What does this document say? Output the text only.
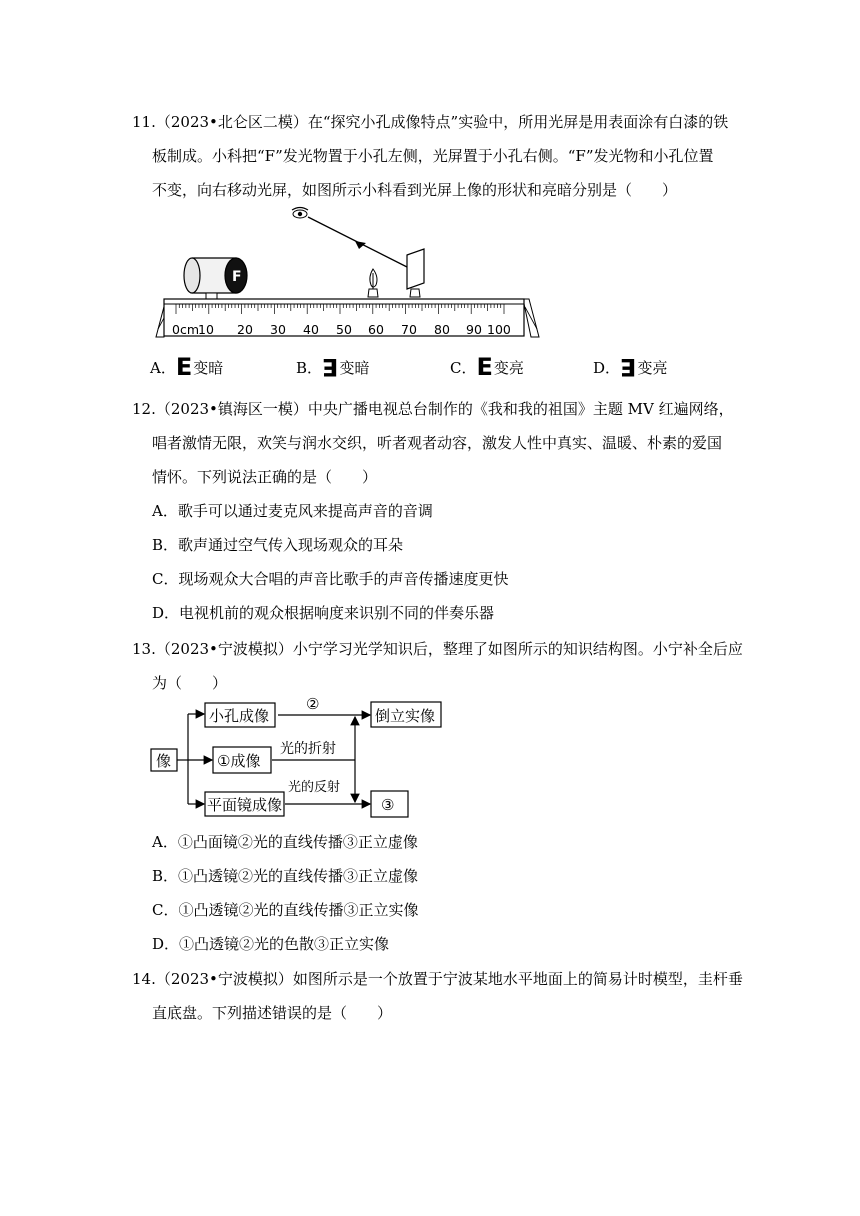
11.（2023•北仑区二模）在“探究小孔成像特点”实验中，所用光屏是用表面涂有白漆的铁
板制成。小科把“F”发光物置于小孔左侧，光屏置于小孔右侧。“F”发光物和小孔位置
不变，向右移动光屏，如图所示小科看到光屏上像的形状和亮暗分别是（　　）
F
0cm
10 20 30 40 50 60 70 80 90 100
A．E变暗	B．E变暗	C．E变亮	D．E变亮
12.（2023•镇海区一模）中央广播电视总台制作的《我和我的祖国》主题 MV 红遍网络，
唱者激情无限，欢笑与润水交织，听者观者动容，激发人性中真实、温暖、朴素的爱国
情怀。下列说法正确的是（　　）
A．歌手可以通过麦克风来提高声音的音调
B．歌声通过空气传入现场观众的耳朵
C．现场观众大合唱的声音比歌手的声音传播速度更快
D．电视机前的观众根据响度来识别不同的伴奏乐器
13.（2023•宁波模拟）小宁学习光学知识后，整理了如图所示的知识结构图。小宁补全后应
为（　　）
像
小孔成像
①成像
平面镜成像
倒立实像
③
②
光的折射
光的反射
A．①凸面镜②光的直线传播③正立虚像
B．①凸透镜②光的直线传播③正立虚像
C．①凸透镜②光的直线传播③正立实像
D．①凸透镜②光的色散③正立实像
14.（2023•宁波模拟）如图所示是一个放置于宁波某地水平地面上的简易计时模型，圭杆垂
直底盘。下列描述错误的是（　　）
